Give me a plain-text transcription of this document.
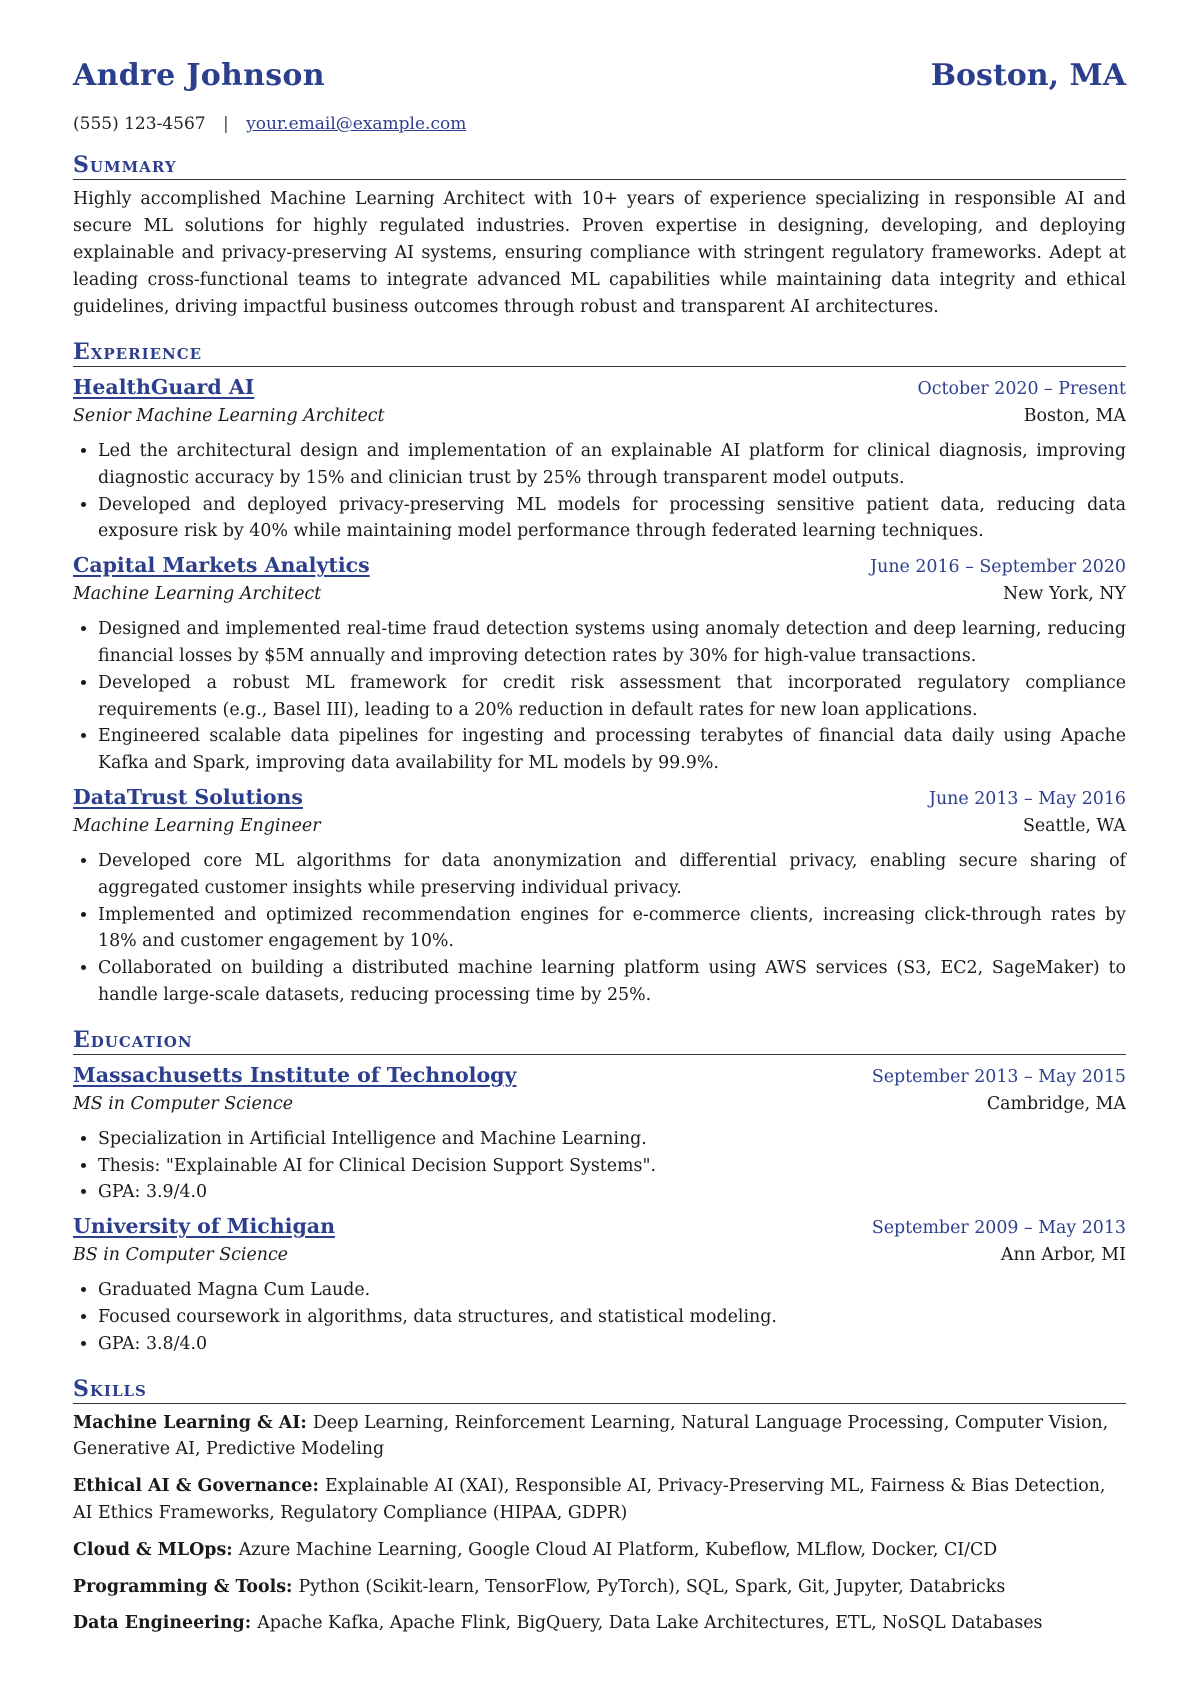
Andre Johnson	Boston, MA
(555) 123-4567 | your.email@example.com
Summary
Highly accomplished Machine Learning Architect with 10+ years of experience specializing in responsible AI and secure ML solutions for highly regulated industries. Proven expertise in designing, developing, and deploying explainable and privacy-preserving AI systems, ensuring compliance with stringent regulatory frameworks. Adept at leading cross-functional teams to integrate advanced ML capabilities while maintaining data integrity and ethical guidelines, driving impactful business outcomes through robust and transparent AI architectures.
Experience
HealthGuard AI	October 2020 – Present
Senior Machine Learning Architect	Boston, MA
• Led the architectural design and implementation of an explainable AI platform for clinical diagnosis, improving diagnostic accuracy by 15% and clinician trust by 25% through transparent model outputs.
• Developed and deployed privacy-preserving ML models for processing sensitive patient data, reducing data exposure risk by 40% while maintaining model performance through federated learning techniques.
Capital Markets Analytics	June 2016 – September 2020
Machine Learning Architect	New York, NY
• Designed and implemented real-time fraud detection systems using anomaly detection and deep learning, reducing financial losses by $5M annually and improving detection rates by 30% for high-value transactions.
• Developed a robust ML framework for credit risk assessment that incorporated regulatory compliance requirements (e.g., Basel III), leading to a 20% reduction in default rates for new loan applications.
• Engineered scalable data pipelines for ingesting and processing terabytes of financial data daily using Apache Kafka and Spark, improving data availability for ML models by 99.9%.
DataTrust Solutions	June 2013 – May 2016
Machine Learning Engineer	Seattle, WA
• Developed core ML algorithms for data anonymization and differential privacy, enabling secure sharing of aggregated customer insights while preserving individual privacy.
• Implemented and optimized recommendation engines for e-commerce clients, increasing click-through rates by 18% and customer engagement by 10%.
• Collaborated on building a distributed machine learning platform using AWS services (S3, EC2, SageMaker) to handle large-scale datasets, reducing processing time by 25%.
Education
Massachusetts Institute of Technology	September 2013 – May 2015
MS in Computer Science	Cambridge, MA
• Specialization in Artificial Intelligence and Machine Learning.
• Thesis: "Explainable AI for Clinical Decision Support Systems".
• GPA: 3.9/4.0
University of Michigan	September 2009 – May 2013
BS in Computer Science	Ann Arbor, MI
• Graduated Magna Cum Laude.
• Focused coursework in algorithms, data structures, and statistical modeling.
• GPA: 3.8/4.0
Skills
Machine Learning & AI: Deep Learning, Reinforcement Learning, Natural Language Processing, Computer Vision, Generative AI, Predictive Modeling
Ethical AI & Governance: Explainable AI (XAI), Responsible AI, Privacy-Preserving ML, Fairness & Bias Detection, AI Ethics Frameworks, Regulatory Compliance (HIPAA, GDPR)
Cloud & MLOps: Azure Machine Learning, Google Cloud AI Platform, Kubeflow, MLflow, Docker, CI/CD
Programming & Tools: Python (Scikit-learn, TensorFlow, PyTorch), SQL, Spark, Git, Jupyter, Databricks
Data Engineering: Apache Kafka, Apache Flink, BigQuery, Data Lake Architectures, ETL, NoSQL Databases
